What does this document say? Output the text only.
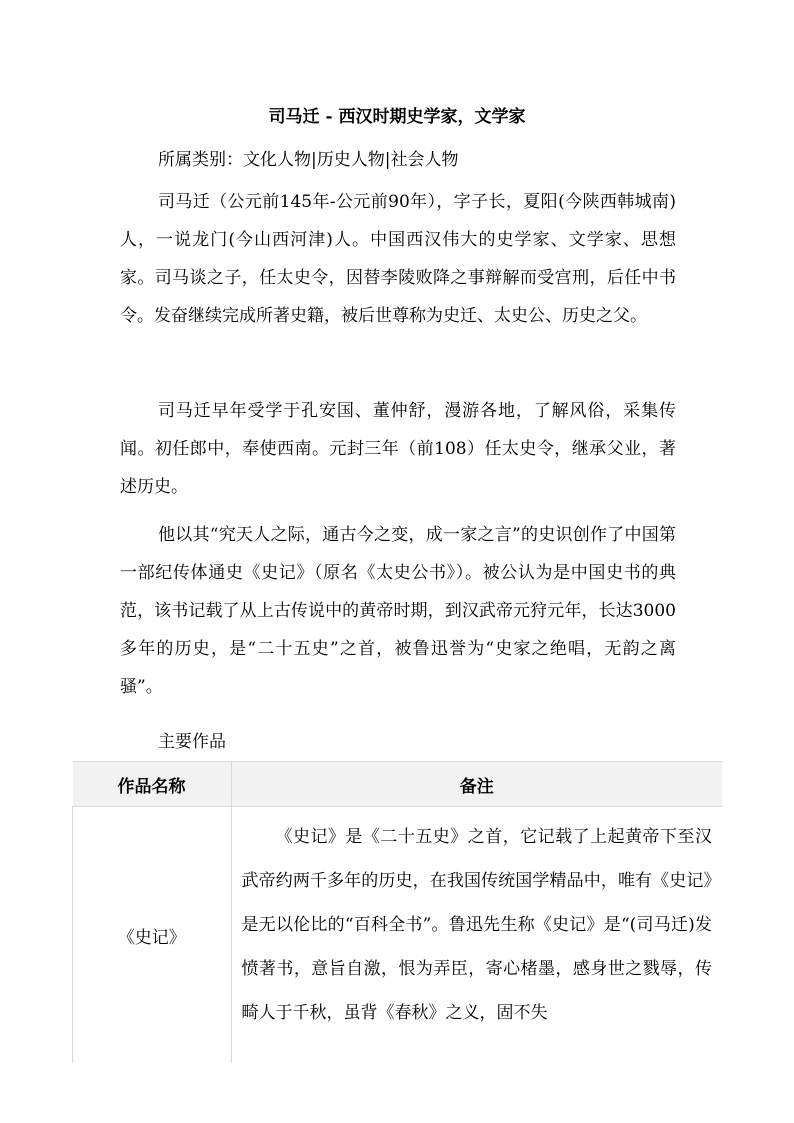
司马迁 - 西汉时期史学家，文学家
所属类别：文化人物|历史人物|社会人物

司马迁（公元前145年-公元前90年），字子长，夏阳(今陕西韩城南)人，一说龙门(今山西河津)人。中国西汉伟大的史学家、文学家、思想家。司马谈之子，任太史令，因替李陵败降之事辩解而受宫刑，后任中书令。发奋继续完成所著史籍，被后世尊称为史迁、太史公、历史之父。

司马迁早年受学于孔安国、董仲舒，漫游各地，了解风俗，采集传闻。初任郎中，奉使西南。元封三年（前108）任太史令，继承父业，著述历史。

他以其“究天人之际，通古今之变，成一家之言”的史识创作了中国第一部纪传体通史《史记》（原名《太史公书》）。被公认为是中国史书的典范，该书记载了从上古传说中的黄帝时期，到汉武帝元狩元年，长达3000多年的历史，是“二十五史”之首，被鲁迅誉为“史家之绝唱，无韵之离骚”。

主要作品
作品名称	备注
《史记》	《史记》是《二十五史》之首，它记载了上起黄帝下至汉武帝约两千多年的历史，在我国传统国学精品中，唯有《史记》是无以伦比的“百科全书”。鲁迅先生称《史记》是“(司马迁)发愤著书，意旨自激，恨为弄臣，寄心楮墨，感身世之戮辱，传畸人于千秋，虽背《春秋》之义，固不失
